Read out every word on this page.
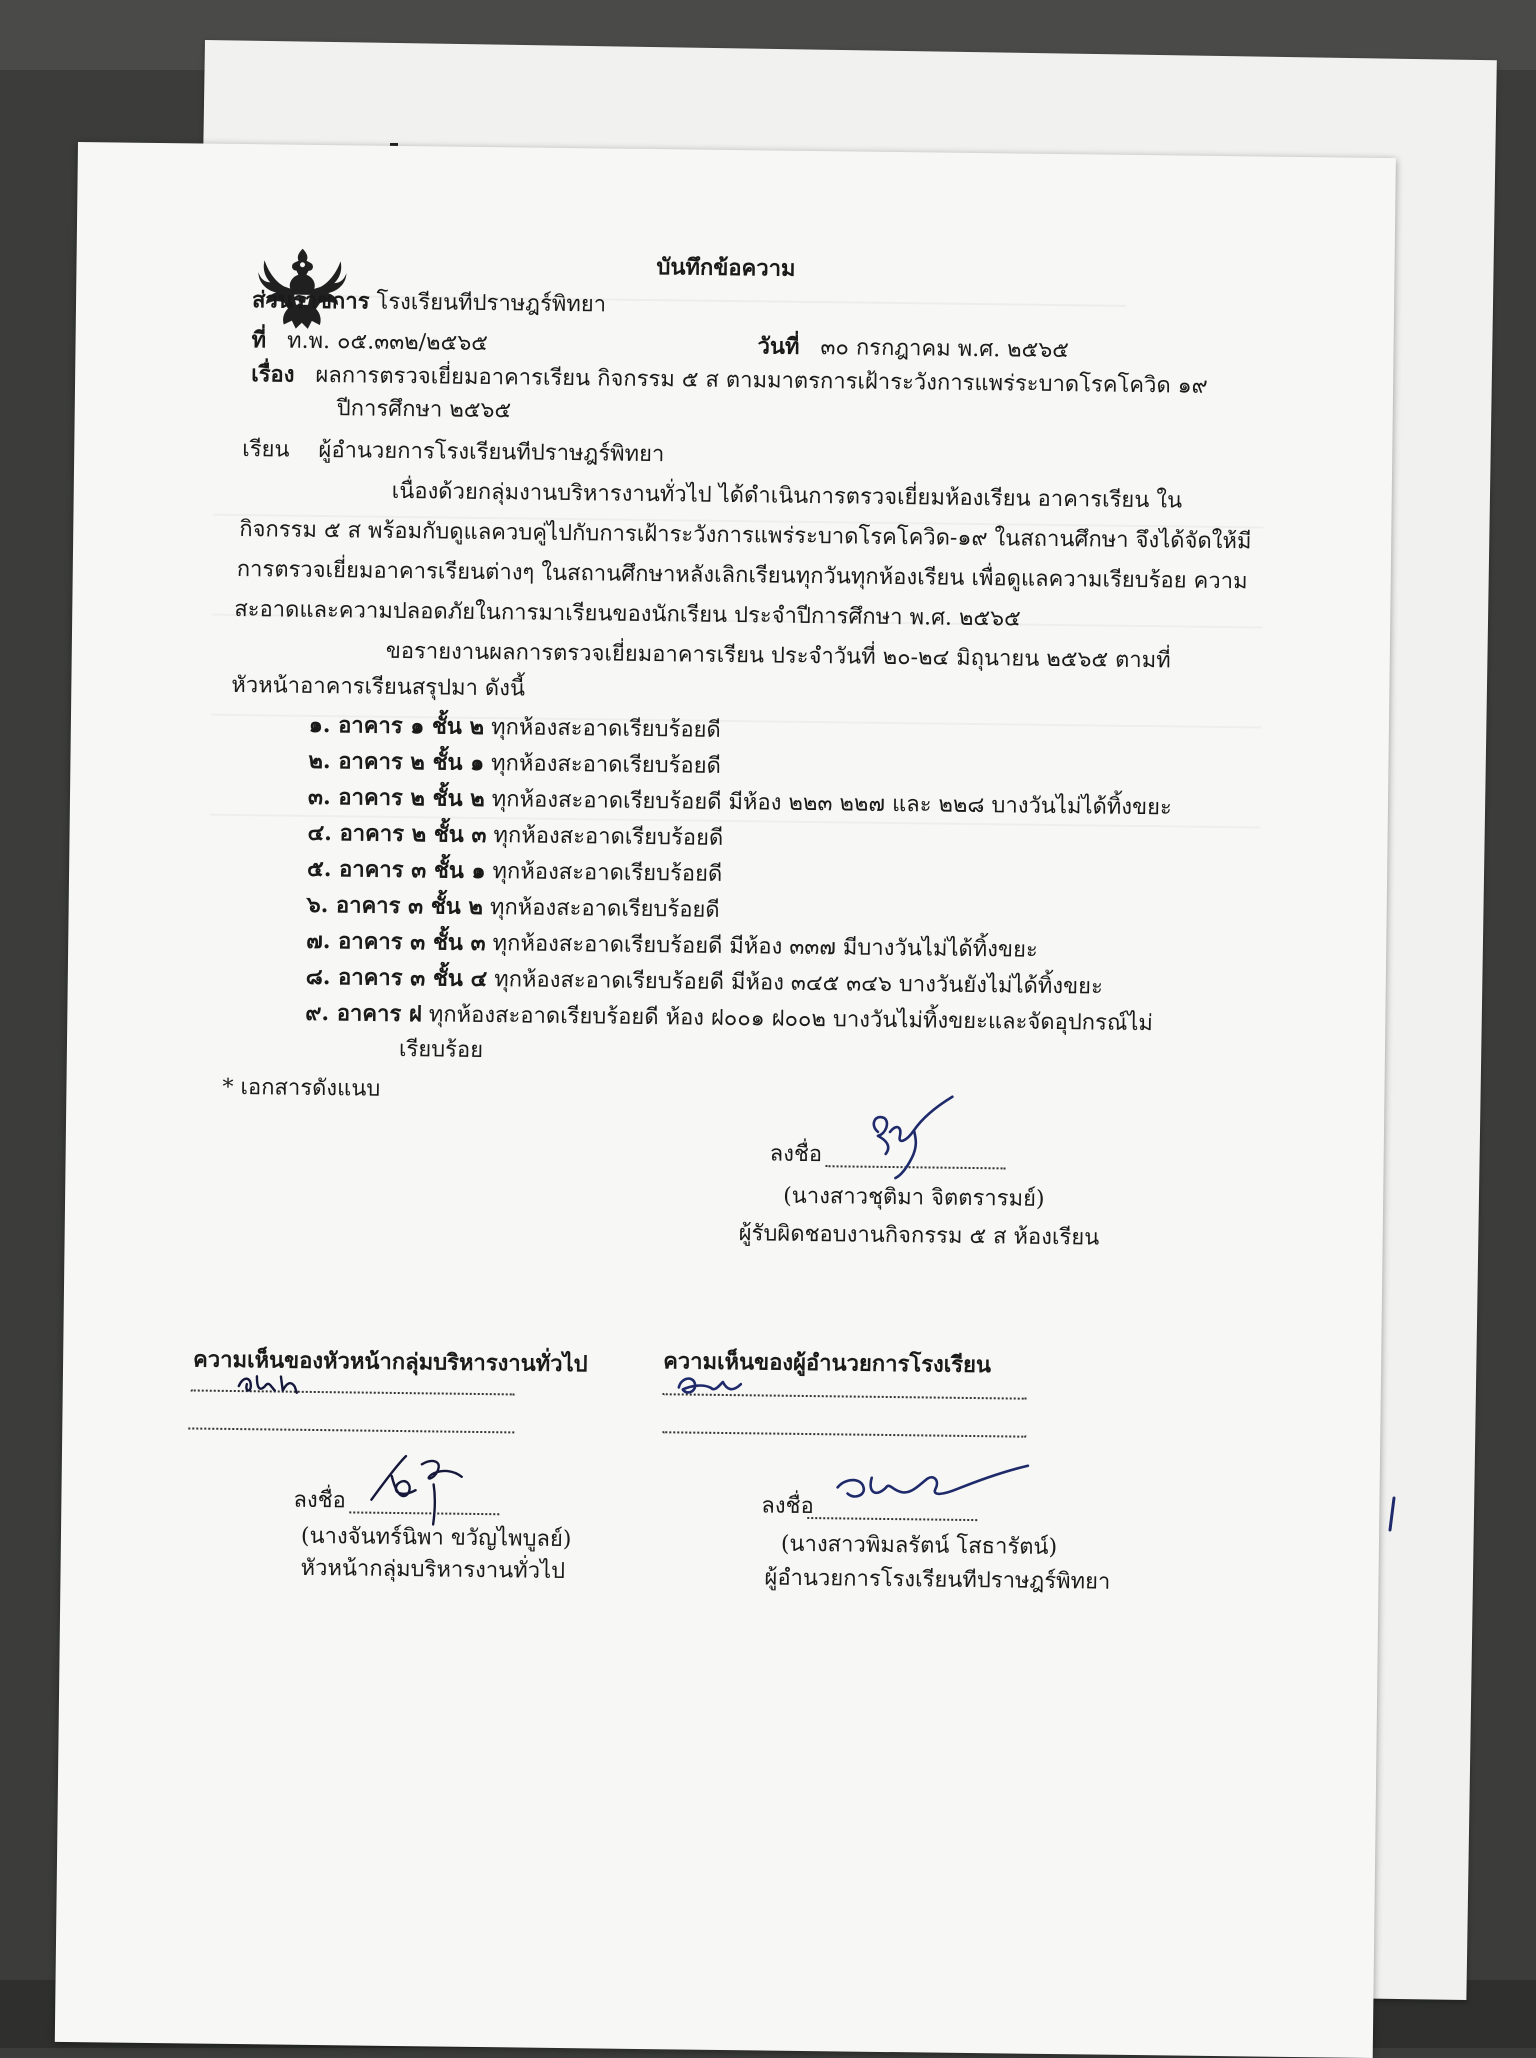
บันทึกข้อความ
ส่วนราชการ โรงเรียนทีปราษฎร์พิทยา
ที่ ท.พ. ๐๕.๓๓๒/๒๕๖๕	วันที่ ๓๐ กรกฎาคม พ.ศ. ๒๕๖๕
เรื่อง ผลการตรวจเยี่ยมอาคารเรียน กิจกรรม ๕ ส ตามมาตรการเฝ้าระวังการแพร่ระบาดโรคโควิด ๑๙
ปีการศึกษา ๒๕๖๕
เรียน ผู้อำนวยการโรงเรียนทีปราษฎร์พิทยา
เนื่องด้วยกลุ่มงานบริหารงานทั่วไป ได้ดำเนินการตรวจเยี่ยมห้องเรียน อาคารเรียน ใน
กิจกรรม ๕ ส พร้อมกับดูแลควบคู่ไปกับการเฝ้าระวังการแพร่ระบาดโรคโควิด-๑๙ ในสถานศึกษา จึงได้จัดให้มี
การตรวจเยี่ยมอาคารเรียนต่างๆ ในสถานศึกษาหลังเลิกเรียนทุกวันทุกห้องเรียน เพื่อดูแลความเรียบร้อย ความ
สะอาดและความปลอดภัยในการมาเรียนของนักเรียน ประจำปีการศึกษา พ.ศ. ๒๕๖๕
ขอรายงานผลการตรวจเยี่ยมอาคารเรียน ประจำวันที่ ๒๐-๒๔ มิถุนายน ๒๕๖๕ ตามที่
หัวหน้าอาคารเรียนสรุปมา ดังนี้
๑. อาคาร ๑ ชั้น ๒ ทุกห้องสะอาดเรียบร้อยดี
๒. อาคาร ๒ ชั้น ๑ ทุกห้องสะอาดเรียบร้อยดี
๓. อาคาร ๒ ชั้น ๒ ทุกห้องสะอาดเรียบร้อยดี มีห้อง ๒๒๓ ๒๒๗ และ ๒๒๘ บางวันไม่ได้ทิ้งขยะ
๔. อาคาร ๒ ชั้น ๓ ทุกห้องสะอาดเรียบร้อยดี
๕. อาคาร ๓ ชั้น ๑ ทุกห้องสะอาดเรียบร้อยดี
๖. อาคาร ๓ ชั้น ๒ ทุกห้องสะอาดเรียบร้อยดี
๗. อาคาร ๓ ชั้น ๓ ทุกห้องสะอาดเรียบร้อยดี มีห้อง ๓๓๗ มีบางวันไม่ได้ทิ้งขยะ
๘. อาคาร ๓ ชั้น ๔ ทุกห้องสะอาดเรียบร้อยดี มีห้อง ๓๔๕ ๓๔๖ บางวันยังไม่ได้ทิ้งขยะ
๙. อาคาร ฝ ทุกห้องสะอาดเรียบร้อยดี ห้อง ฝ๐๐๑ ฝ๐๐๒ บางวันไม่ทิ้งขยะและจัดอุปกรณ์ไม่
เรียบร้อย
* เอกสารดังแนบ
ลงชื่อ
(นางสาวชุติมา จิตตรารมย์)
ผู้รับผิดชอบงานกิจกรรม ๕ ส ห้องเรียน
ความเห็นของหัวหน้ากลุ่มบริหารงานทั่วไป
ลงชื่อ
(นางจันทร์นิพา ขวัญไพบูลย์)
หัวหน้ากลุ่มบริหารงานทั่วไป
ความเห็นของผู้อำนวยการโรงเรียน
ลงชื่อ
(นางสาวพิมลรัตน์ โสธารัตน์)
ผู้อำนวยการโรงเรียนทีปราษฎร์พิทยา
